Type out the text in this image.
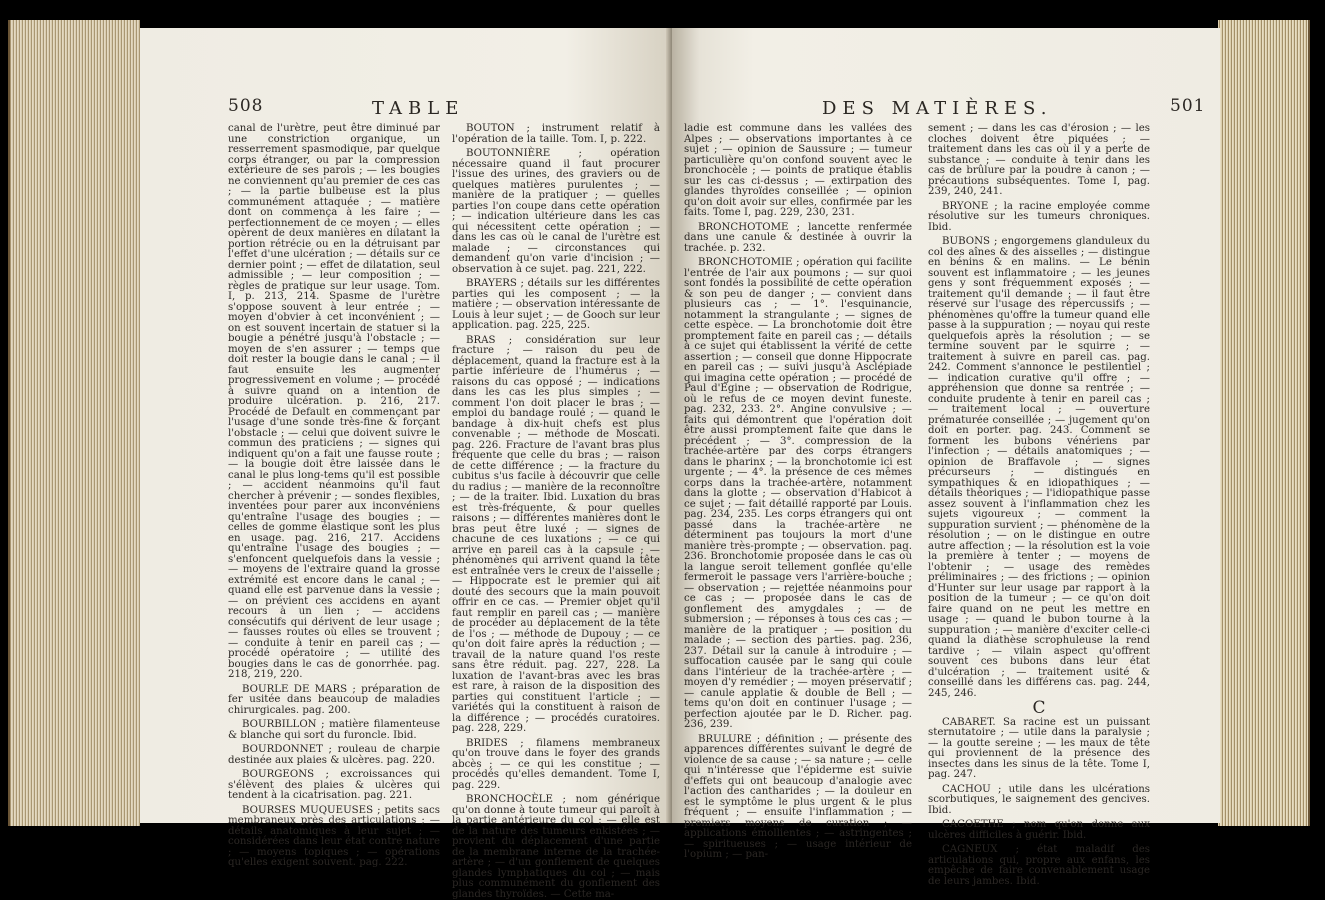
508	TABLE

canal de l'urètre, peut être diminué par une constriction organique, un resserrement spasmodique, par quelque corps étranger, ou par la compression extérieure de ses parois ; — les bougies ne conviennent qu'au premier de ces cas ; — la partie bulbeuse est la plus communément attaquée ; — matière dont on commença à les faire ; — perfectionnement de ce moyen ; — elles opèrent de deux manières en dilatant la portion rétrécie ou en la détruisant par l'effet d'une ulcération ; — détails sur ce dernier point ; — effet de dilatation, seul admissible ; — leur composition ; — règles de pratique sur leur usage. Tom. I, p. 213, 214. Spasme de l'urètre s'oppose souvent à leur entrée ; — moyen d'obvier à cet inconvénient ; — on est souvent incertain de statuer si la bougie a pénétré jusqu'à l'obstacle ; — moyen de s'en assurer ; — temps que doit rester la bougie dans le canal ; — il faut ensuite les augmenter progressivement en volume ; — procédé à suivre quand on a intention de produire ulcération. p. 216, 217. Procédé de Default en commençant par l'usage d'une sonde très-fine & forçant l'obstacle ; — celui que doivent suivre le commun des praticiens ; — signes qui indiquent qu'on a fait une fausse route ; — la bougie doit être laissée dans le canal le plus long-tems qu'il est possible ; — accident néanmoins qu'il faut chercher à prévenir ; — sondes flexibles, inventées pour parer aux inconvéniens qu'entraîne l'usage des bougies ; — celles de gomme élastique sont les plus en usage. pag. 216, 217. Accidens qu'entraîne l'usage des bougies ; — s'enfoncent quelquefois dans la vessie ; — moyens de l'extraire quand la grosse extrémité est encore dans le canal ; — quand elle est parvenue dans la vessie ; — on prévient ces accidens en ayant recours à un lien ; — accidens consécutifs qui dérivent de leur usage ; — fausses routes où elles se trouvent ; — conduite à tenir en pareil cas ; — procédé opératoire ; — utilité des bougies dans le cas de gonorrhée. pag. 218, 219, 220.

BOURLE DE MARS ; préparation de fer usitée dans beaucoup de maladies chirurgicales. pag. 200.

BOURBILLON ; matière filamenteuse & blanche qui sort du furoncle. Ibid.

BOURDONNET ; rouleau de charpie destinée aux plaies & ulcères. pag. 220.

BOURGEONS ; excroissances qui s'élèvent des plaies & ulcères qui tendent à la cicatrisation. pag. 221.

BOURSES MUQUEUSES ; petits sacs membraneux près des articulations ; — détails anatomiques à leur sujet ; — considérées dans leur état contre nature ; — moyens topiques ; — opérations qu'elles exigent souvent. pag. 222.

BOUTON ; instrument relatif à l'opération de la taille. Tom. I, p. 222.

BOUTONNIÈRE ; opération nécessaire quand il faut procurer l'issue des urines, des graviers ou de quelques matières purulentes ; — manière de la pratiquer ; — quelles parties l'on coupe dans cette opération ; — indication ultérieure dans les cas qui nécessitent cette opération ; — dans les cas où le canal de l'urètre est malade ; — circonstances qui demandent qu'on varie d'incision ; — observation à ce sujet. pag. 221, 222.

BRAYERS ; détails sur les différentes parties qui les composent ; — la matière ; — observation intéressante de Louis à leur sujet ; — de Gooch sur leur application. pag. 225, 225.

BRAS ; considération sur leur fracture ; — raison du peu de déplacement, quand la fracture est à la partie inférieure de l'humérus ; — raisons du cas opposé ; — indications dans les cas les plus simples ; — comment l'on doit placer le bras ; — emploi du bandage roulé ; — quand le bandage à dix-huit chefs est plus convenable ; — méthode de Moscati. pag. 226. Fracture de l'avant bras plus fréquente que celle du bras ; — raison de cette différence ; — la fracture du cubitus s'us facile à découvrir que celle du radius ; — manière de la reconnoître ; — de la traiter. Ibid. Luxation du bras est très-fréquente, & pour quelles raisons ; — différentes manières dont le bras peut être luxé ; — signes de chacune de ces luxations ; — ce qui arrive en pareil cas à la capsule ; — phénomènes qui arrivent quand la tête est entraînée vers le creux de l'aisselle ; — Hippocrate est le premier qui ait douté des secours que la main pouvoit offrir en ce cas. — Premier objet qu'il faut remplir en pareil cas ; — manière de procéder au déplacement de la tête de l'os ; — méthode de Dupouy ; — ce qu'on doit faire après la réduction ; — travail de la nature quand l'os reste sans être réduit. pag. 227, 228. La luxation de l'avant-bras avec les bras est rare, à raison de la disposition des parties qui constituent l'article ; — variétés qui la constituent à raison de la différence ; — procédés curatoires. pag. 228, 229.

BRIDES ; filamens membraneux qu'on trouve dans le foyer des grands abcès ; — ce qui les constitue ; — procédés qu'elles demandent. Tome I, pag. 229.

BRONCHOCÈLE ; nom générique qu'on donne à toute tumeur qui paroît à la partie antérieure du col ; — elle est de la nature des tumeurs enkistées ; — provient du déplacement d'une partie de la membrane interne de la trachée-artère ; — d'un gonflement de quelques glandes lymphatiques du col ; — mais plus communément du gonflement des glandes thyroïdes. — Cette ma-

DES MATIÈRES.	501

ladie est commune dans les vallées des Alpes ; — observations importantes à ce sujet ; — opinion de Saussure ; — tumeur particulière qu'on confond souvent avec le bronchocèle ; — points de pratique établis sur les cas ci-dessus ; — extirpation des glandes thyroïdes conseillée ; — opinion qu'on doit avoir sur elles, confirmée par les faits. Tome I, pag. 229, 230, 231.

BRONCHOTOME ; lancette renfermée dans une canule & destinée à ouvrir la trachée. p. 232.

BRONCHOTOMIE ; opération qui facilite l'entrée de l'air aux poumons ; — sur quoi sont fondés la possibilité de cette opération & son peu de danger ; — convient dans plusieurs cas ; — 1°. l'esquinancie, notamment la strangulante ; — signes de cette espèce. — La bronchotomie doit être promptement faite en pareil cas ; — détails à ce sujet qui établissent la vérité de cette assertion ; — conseil que donne Hippocrate en pareil cas ; — suivi jusqu'à Asclépiade qui imagina cette opération ; — procédé de Paul d'Egine ; — observation de Rodrigue, où le refus de ce moyen devint funeste. pag. 232, 233. 2°. Angine convulsive ; — faits qui démontrent que l'opération doit être aussi promptement faite que dans le précédent ; — 3°. compression de la trachée-artère par des corps étrangers dans le pharinx ; — la bronchotomie ici est urgente ; — 4°. la présence de ces mêmes corps dans la trachée-artère, notamment dans la glotte ; — observation d'Habicot à ce sujet ; — fait détaillé rapporté par Louis. pag. 234, 235. Les corps étrangers qui ont passé dans la trachée-artère ne déterminent pas toujours la mort d'une manière très-prompte ; — observation. pag. 236. Bronchotomie proposée dans le cas où la langue seroit tellement gonflée qu'elle fermeroit le passage vers l'arrière-bouche ; — observation ; — rejettée néanmoins pour ce cas ; — proposée dans le cas de gonflement des amygdales ; — de submersion ; — réponses à tous ces cas ; — manière de la pratiquer ; — position du malade ; — section des parties. pag. 236, 237. Détail sur la canule à introduire ; — suffocation causée par le sang qui coule dans l'intérieur de la trachée-artère ; — moyen d'y remédier ; — moyen préservatif ; — canule applatie & double de Bell ; — tems qu'on doit en continuer l'usage ; — perfection ajoutée par le D. Richer. pag. 236, 239.

BRULURE ; définition ; — présente des apparences différentes suivant le degré de violence de sa cause ; — sa nature ; — celle qui n'intéresse que l'épiderme est suivie d'effets qui ont beaucoup d'analogie avec l'action des cantharides ; — la douleur en est le symptôme le plus urgent & le plus fréquent ; — ensuite l'inflammation ; — premiers moyens de curation ; — applications émollientes ; — astringentes ; — spiritueuses ; — usage intérieur de l'opium ; — pan-

sement ; — dans les cas d'érosion ; — les cloches doivent être piquées ; — traitement dans les cas où il y a perte de substance ; — conduite à tenir dans les cas de brûlure par la poudre à canon ; — précautions subséquentes. Tome I, pag. 239, 240, 241.

BRYONE ; la racine employée comme résolutive sur les tumeurs chroniques. Ibid.

BUBONS ; engorgemens glanduleux du col des aînes & des aisselles ; — distingue en bénins & en malins. — Le bénin souvent est inflammatoire ; — les jeunes gens y sont fréquemment exposés ; — traitement qu'il demande ; — il faut être réservé sur l'usage des répercussifs ; — phénomènes qu'offre la tumeur quand elle passe à la suppuration ; — noyau qui reste quelquefois après la résolution ; — se termine souvent par le squirre ; — traitement à suivre en pareil cas. pag. 242. Comment s'annonce le pestilentiel ; — indication curative qu'il offre ; — appréhension que donne sa rentrée ; — conduite prudente à tenir en pareil cas ; — traitement local ; — ouverture prématurée conseillée ; — jugement qu'on doit en porter. pag. 243. Comment se forment les bubons vénériens par l'infection ; — détails anatomiques ; — opinion de Braffavole ; — signes précurseurs ; — distingués en sympathiques & en idiopathiques ; — détails théoriques ; — l'idiopathique passe assez souvent à l'inflammation chez les sujets vigoureux ; — comment la suppuration survient ; — phénomène de la résolution ; — on le distingue en outre autre affection ; — la résolution est la voie la première à tenter ; — moyens de l'obtenir ; — usage des remèdes préliminaires ; — des frictions ; — opinion d'Hunter sur leur usage par rapport à la position de la tumeur ; — ce qu'on doit faire quand on ne peut les mettre en usage ; — quand le bubon tourne à la suppuration ; — manière d'exciter celle-ci quand la diathèse scrophuleuse la rend tardive ; — vilain aspect qu'offrent souvent ces bubons dans leur état d'ulcération ; — traitement usité & conseillé dans les différens cas. pag. 244, 245, 246.

C

CABARET. Sa racine est un puissant sternutatoire ; — utile dans la paralysie ; — la goutte sereine ; — les maux de tête qui proviennent de la présence des insectes dans les sinus de la tête. Tome I, pag. 247.

CACHOU ; utile dans les ulcérations scorbutiques, le saignement des gencives. Ibid.

CACOETHE ; nom qu'on donne aux ulcères difficiles à guérir. Ibid.

CAGNEUX ; état maladif des articulations qui, propre aux enfans, les empêche de faire convenablement usage de leurs jambes. Ibid.
